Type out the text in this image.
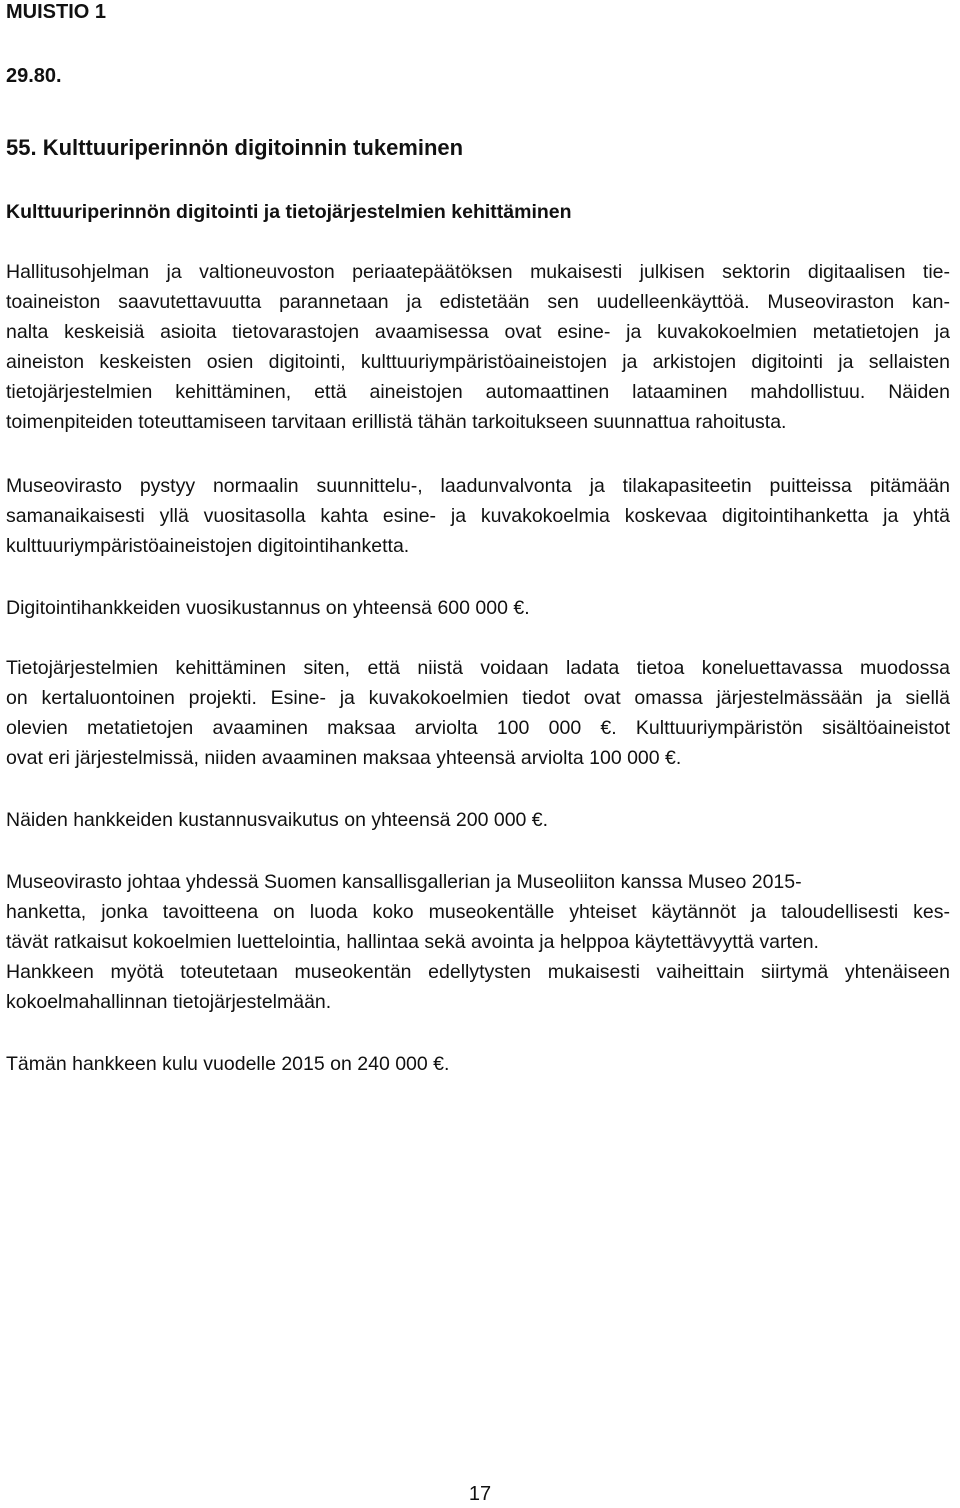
MUISTIO 1
29.80.
55. Kulttuuriperinnön digitoinnin tukeminen
Kulttuuriperinnön digitointi ja tietojärjestelmien kehittäminen
Hallitusohjelman ja valtioneuvoston periaatepäätöksen mukaisesti julkisen sektorin digitaalisen tie-
toaineiston saavutettavuutta parannetaan ja edistetään sen uudelleenkäyttöä. Museoviraston kan-
nalta keskeisiä asioita tietovarastojen avaamisessa ovat esine- ja kuvakokoelmien metatietojen ja
aineiston keskeisten osien digitointi, kulttuuriympäristöaineistojen ja arkistojen digitointi ja sellaisten
tietojärjestelmien kehittäminen, että aineistojen automaattinen lataaminen mahdollistuu. Näiden
toimenpiteiden toteuttamiseen tarvitaan erillistä tähän tarkoitukseen suunnattua rahoitusta.
Museovirasto pystyy normaalin suunnittelu-, laadunvalvonta ja tilakapasiteetin puitteissa pitämään
samanaikaisesti yllä vuositasolla kahta esine- ja kuvakokoelmia koskevaa digitointihanketta ja yhtä
kulttuuriympäristöaineistojen digitointihanketta.
Digitointihankkeiden vuosikustannus on yhteensä 600 000 €.
Tietojärjestelmien kehittäminen siten, että niistä voidaan ladata tietoa koneluettavassa muodossa
on kertaluontoinen projekti. Esine- ja kuvakokoelmien tiedot ovat omassa järjestelmässään ja siellä
olevien metatietojen avaaminen maksaa arviolta 100 000 €. Kulttuuriympäristön sisältöaineistot
ovat eri järjestelmissä, niiden avaaminen maksaa yhteensä arviolta 100 000 €.
Näiden hankkeiden kustannusvaikutus on yhteensä 200 000 €.
Museovirasto johtaa yhdessä Suomen kansallisgallerian ja Museoliiton kanssa Museo 2015-
hanketta, jonka tavoitteena on luoda koko museokentälle yhteiset käytännöt ja taloudellisesti kes-
tävät ratkaisut kokoelmien luettelointia, hallintaa sekä avointa ja helppoa käytettävyyttä varten.
Hankkeen myötä toteutetaan museokentän edellytysten mukaisesti vaiheittain siirtymä yhtenäiseen
kokoelmahallinnan tietojärjestelmään.
Tämän hankkeen kulu vuodelle 2015 on 240 000 €.
17
